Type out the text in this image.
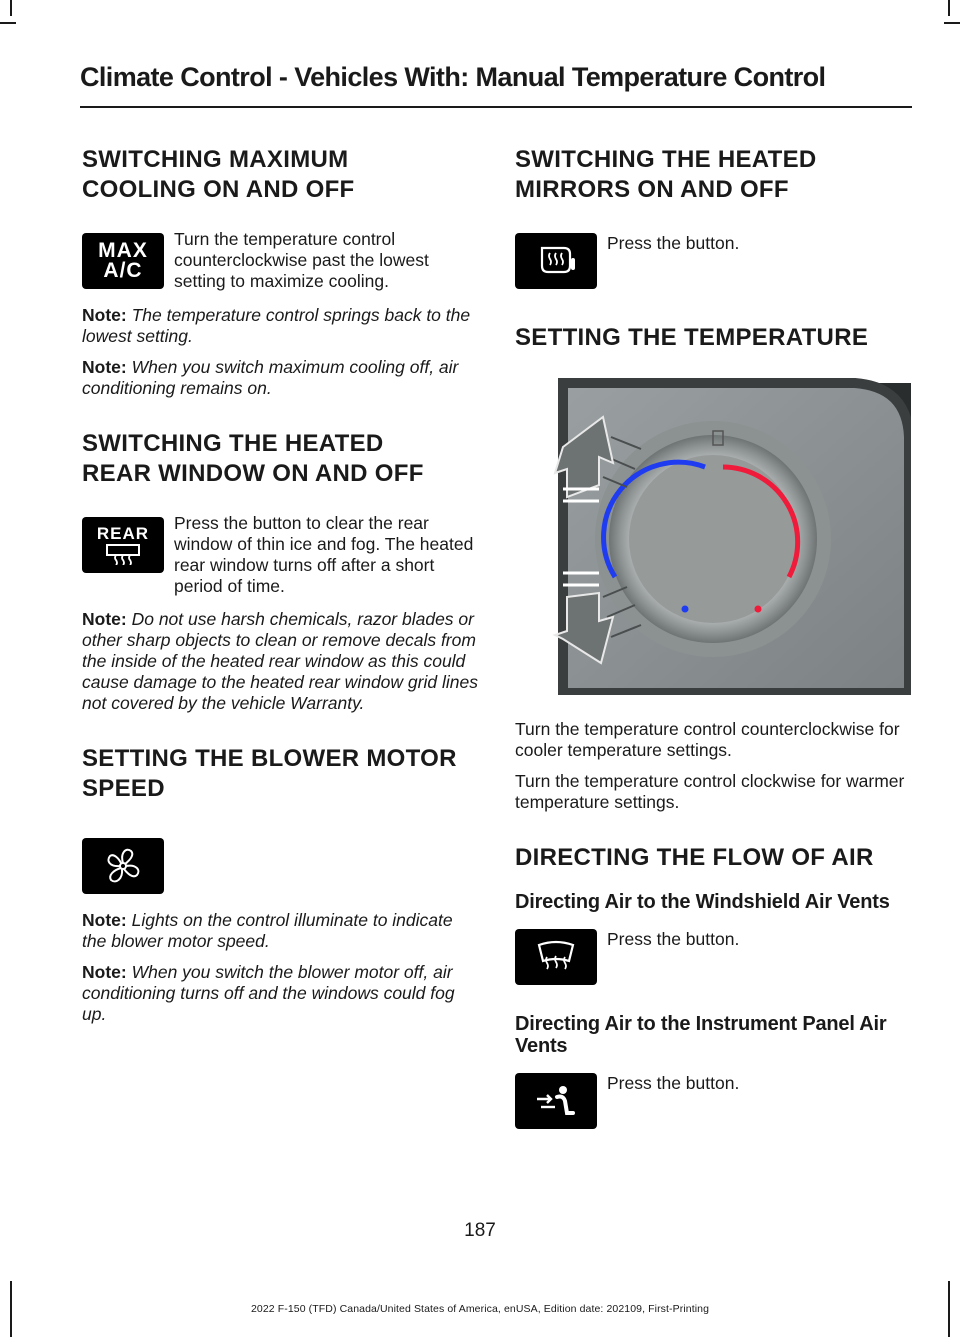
Climate Control - Vehicles With: Manual Temperature Control
SWITCHING MAXIMUM
COOLING ON AND OFF
MAX
A/C

Turn the temperature control counterclockwise past the lowest setting to maximize cooling.

Note: The temperature control springs back to the lowest setting.
Note: When you switch maximum cooling off, air conditioning remains on.
SWITCHING THE HEATED
REAR WINDOW ON AND OFF
REAR

Press the button to clear the rear window of thin ice and fog. The heated rear window turns off after a short period of time.

Note: Do not use harsh chemicals, razor blades or other sharp objects to clean or remove decals from the inside of the heated rear window as this could cause damage to the heated rear window grid lines not covered by the vehicle Warranty.
SETTING THE BLOWER MOTOR
SPEED
Note: Lights on the control illuminate to indicate the blower motor speed.
Note: When you switch the blower motor off, air conditioning turns off and the windows could fog up.
SWITCHING THE HEATED
MIRRORS ON AND OFF

Press the button.

SETTING THE TEMPERATURE

Turn the temperature control counterclockwise for cooler temperature settings.

Turn the temperature control clockwise for warmer temperature settings.

DIRECTING THE FLOW OF AIR
Directing Air to the Windshield Air Vents

Press the button.

Directing Air to the Instrument Panel Air Vents

Press the button.

187
2022 F-150 (TFD) Canada/United States of America, enUSA, Edition date: 202109, First-Printing
